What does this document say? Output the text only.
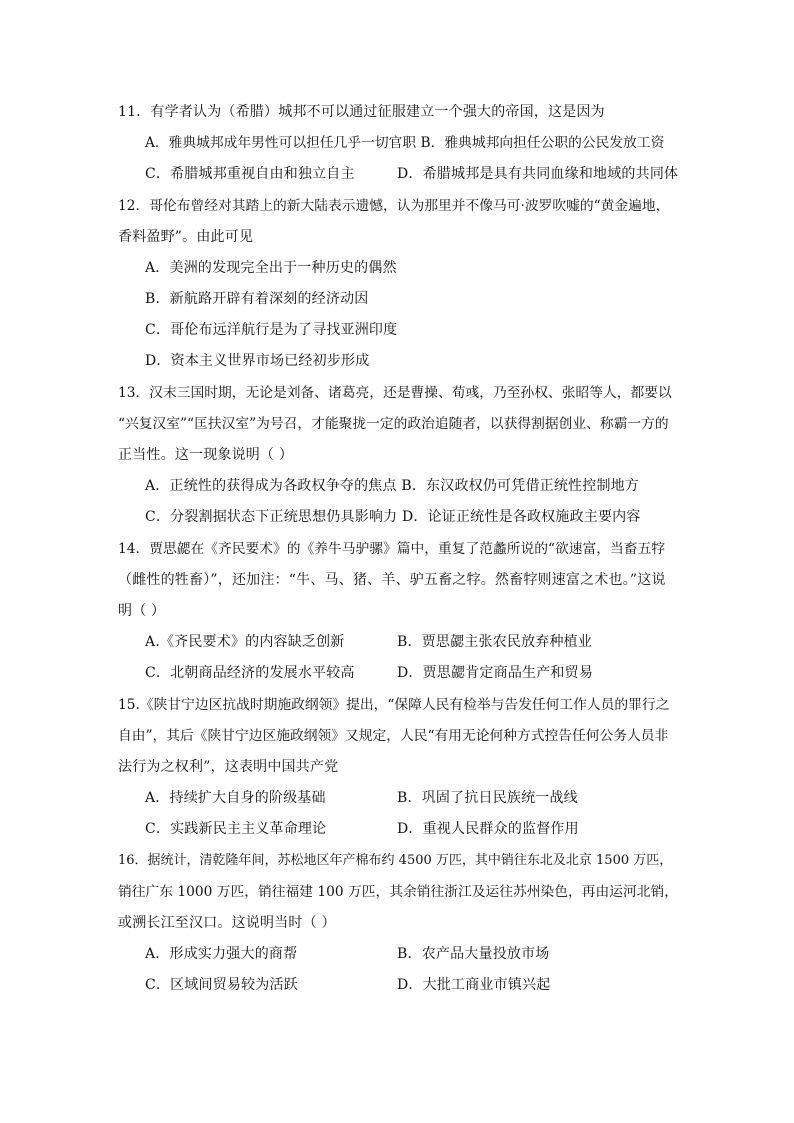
11．有学者认为（希腊）城邦不可以通过征服建立一个强大的帝国，这是因为
A．雅典城邦成年男性可以担任几乎一切官职 B．雅典城邦向担任公职的公民发放工资
C．希腊城邦重视自由和独立自主	D．希腊城邦是具有共同血缘和地域的共同体
12．哥伦布曾经对其踏上的新大陆表示遗憾，认为那里并不像马可·波罗吹嘘的“黄金遍地，
香料盈野”。由此可见
A．美洲的发现完全出于一种历史的偶然
B．新航路开辟有着深刻的经济动因
C．哥伦布远洋航行是为了寻找亚洲印度
D．资本主义世界市场已经初步形成
13．汉末三国时期，无论是刘备、诸葛亮，还是曹操、荀彧，乃至孙权、张昭等人，都要以
“兴复汉室”“匡扶汉室”为号召，才能聚拢一定的政治追随者，以获得割据创业、称霸一方的
正当性。这一现象说明（ ）
A．正统性的获得成为各政权争夺的焦点 B．东汉政权仍可凭借正统性控制地方
C．分裂割据状态下正统思想仍具影响力 D．论证正统性是各政权施政主要内容
14．贾思勰在《齐民要术》的《养牛马驴骡》篇中，重复了范蠡所说的“欲速富，当畜五牸
（雌性的牲畜）”，还加注：“牛、马、猪、羊、驴五畜之牸。然畜牸则速富之术也。”这说
明（ ）
A.《齐民要术》的内容缺乏创新	B．贾思勰主张农民放弃种植业
C．北朝商品经济的发展水平较高	D．贾思勰肯定商品生产和贸易
15.《陕甘宁边区抗战时期施政纲领》提出，“保障人民有检举与告发任何工作人员的罪行之
自由”，其后《陕甘宁边区施政纲领》又规定，人民“有用无论何种方式控告任何公务人员非
法行为之权利”，这表明中国共产党
A．持续扩大自身的阶级基础	B．巩固了抗日民族统一战线
C．实践新民主主义革命理论	D．重视人民群众的监督作用
16．据统计，清乾隆年间，苏松地区年产棉布约 4500 万匹，其中销往东北及北京 1500 万匹，
销往广东 1000 万匹，销往福建 100 万匹，其余销往浙江及运往苏州染色，再由运河北销，
或溯长江至汉口。这说明当时（ ）
A．形成实力强大的商帮	B．农产品大量投放市场
C．区域间贸易较为活跃	D．大批工商业市镇兴起
